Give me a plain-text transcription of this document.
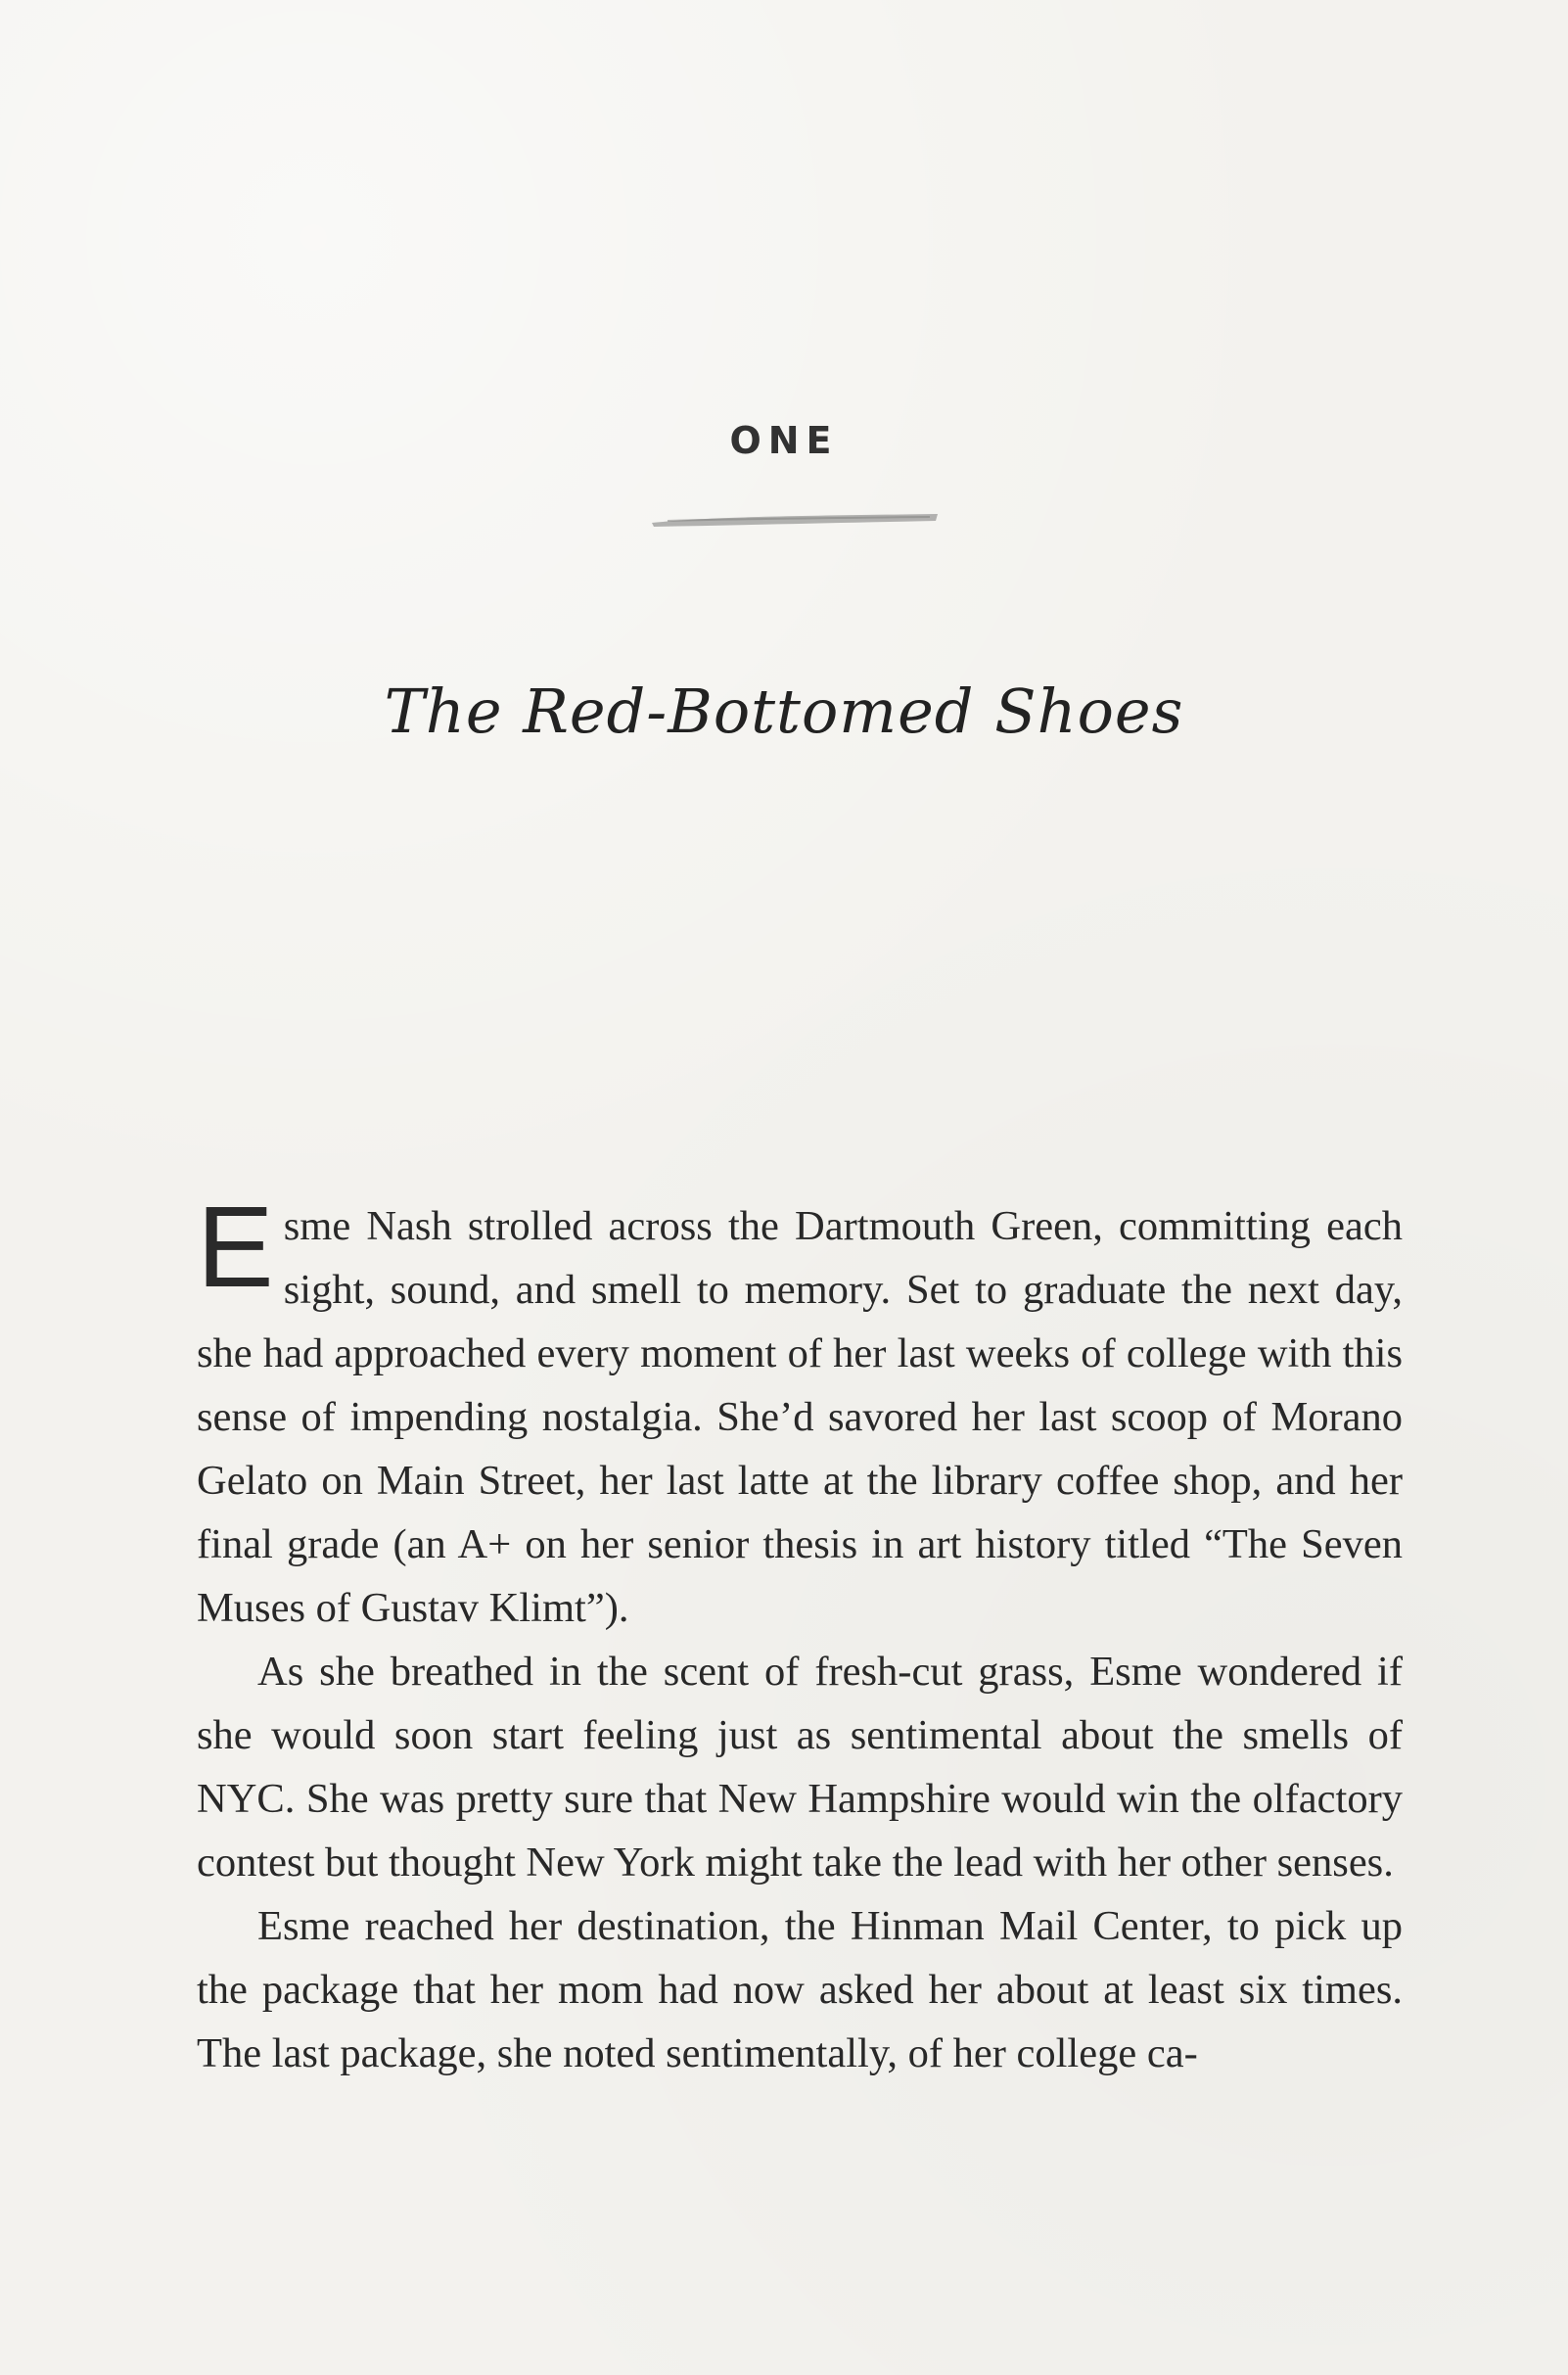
ONE
The Red-Bottomed Shoes

Esme Nash strolled across the Dartmouth Green, committing each sight, sound, and smell to memory. Set to graduate the next day, she had approached every moment of her last weeks of college with this sense of impending nostalgia. She’d savored her last scoop of Morano Gelato on Main Street, her last latte at the library coffee shop, and her final grade (an A+ on her senior thesis in art history titled “The Seven Muses of Gustav Klimt”).

As she breathed in the scent of fresh-cut grass, Esme wondered if she would soon start feeling just as sentimental about the smells of NYC. She was pretty sure that New Hampshire would win the olfactory contest but thought New York might take the lead with her other senses.

Esme reached her destination, the Hinman Mail Center, to pick up the package that her mom had now asked her about at least six times. The last package, she noted sentimentally, of her college ca-
